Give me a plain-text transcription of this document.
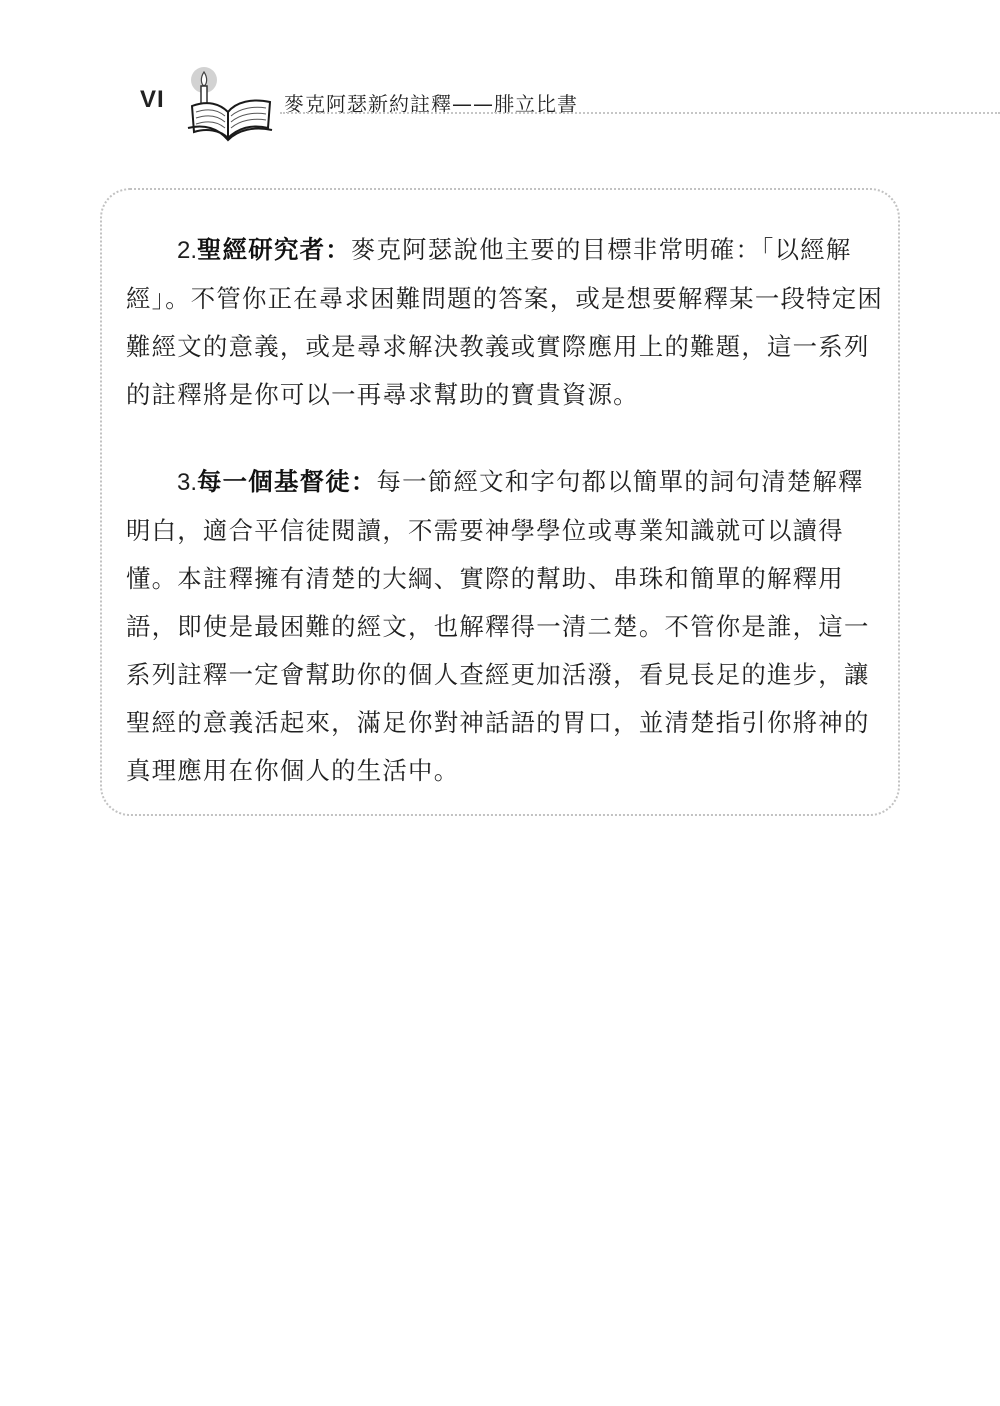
VI	麥克阿瑟新約註釋——腓立比書

2.聖經研究者：麥克阿瑟說他主要的目標非常明確：「以經解經」。不管你正在尋求困難問題的答案，或是想要解釋某一段特定困難經文的意義，或是尋求解決教義或實際應用上的難題，這一系列的註釋將是你可以一再尋求幫助的寶貴資源。

3.每一個基督徒：每一節經文和字句都以簡單的詞句清楚解釋明白，適合平信徒閱讀，不需要神學學位或專業知識就可以讀得懂。本註釋擁有清楚的大綱、實際的幫助、串珠和簡單的解釋用語，即使是最困難的經文，也解釋得一清二楚。不管你是誰，這一系列註釋一定會幫助你的個人查經更加活潑，看見長足的進步，讓聖經的意義活起來，滿足你對神話語的胃口，並清楚指引你將神的真理應用在你個人的生活中。
